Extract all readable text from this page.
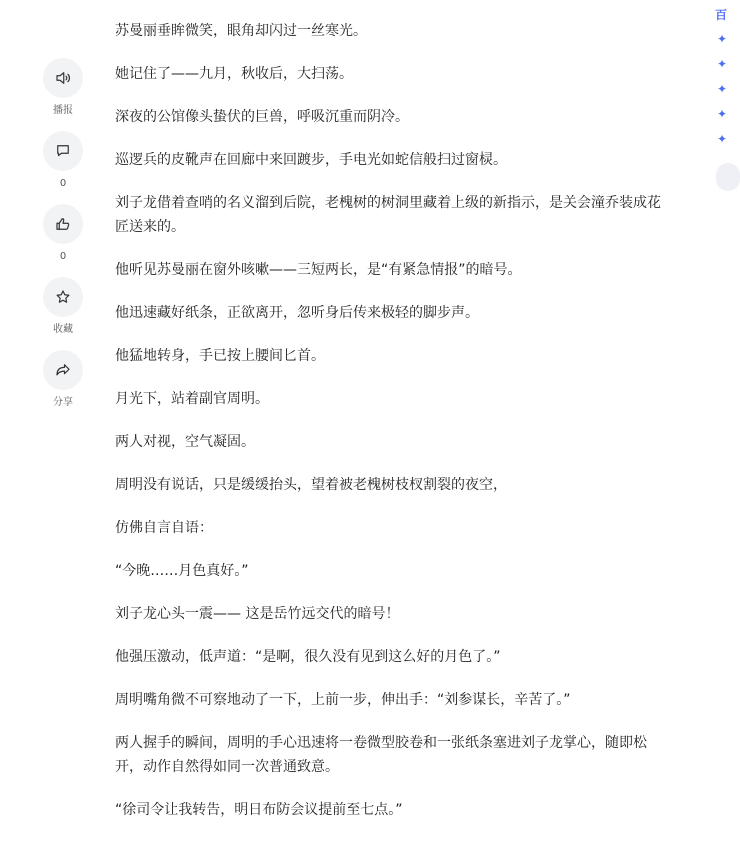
播报
0
0
收藏
分享

苏曼丽垂眸微笑，眼角却闪过一丝寒光。

她记住了——九月，秋收后，大扫荡。

深夜的公馆像头蛰伏的巨兽，呼吸沉重而阴冷。

巡逻兵的皮靴声在回廊中来回踱步，手电光如蛇信般扫过窗棂。

刘子龙借着查哨的名义溜到后院，老槐树的树洞里藏着上级的新指示，是关会潼乔装成花匠送来的。

他听见苏曼丽在窗外咳嗽——三短两长，是“有紧急情报”的暗号。

他迅速藏好纸条，正欲离开，忽听身后传来极轻的脚步声。

他猛地转身，手已按上腰间匕首。

月光下，站着副官周明。

两人对视，空气凝固。

周明没有说话，只是缓缓抬头，望着被老槐树枝杈割裂的夜空，

仿佛自言自语：

“今晚……月色真好。”

刘子龙心头一震—— 这是岳竹远交代的暗号！

他强压激动，低声道：“是啊，很久没有见到这么好的月色了。”

周明嘴角微不可察地动了一下，上前一步，伸出手：“刘参谋长，辛苦了。”

两人握手的瞬间，周明的手心迅速将一卷微型胶卷和一张纸条塞进刘子龙掌心，随即松开，动作自然得如同一次普通致意。

“徐司令让我转告，明日布防会议提前至七点。”

百
✦
✦
✦
✦
✦
